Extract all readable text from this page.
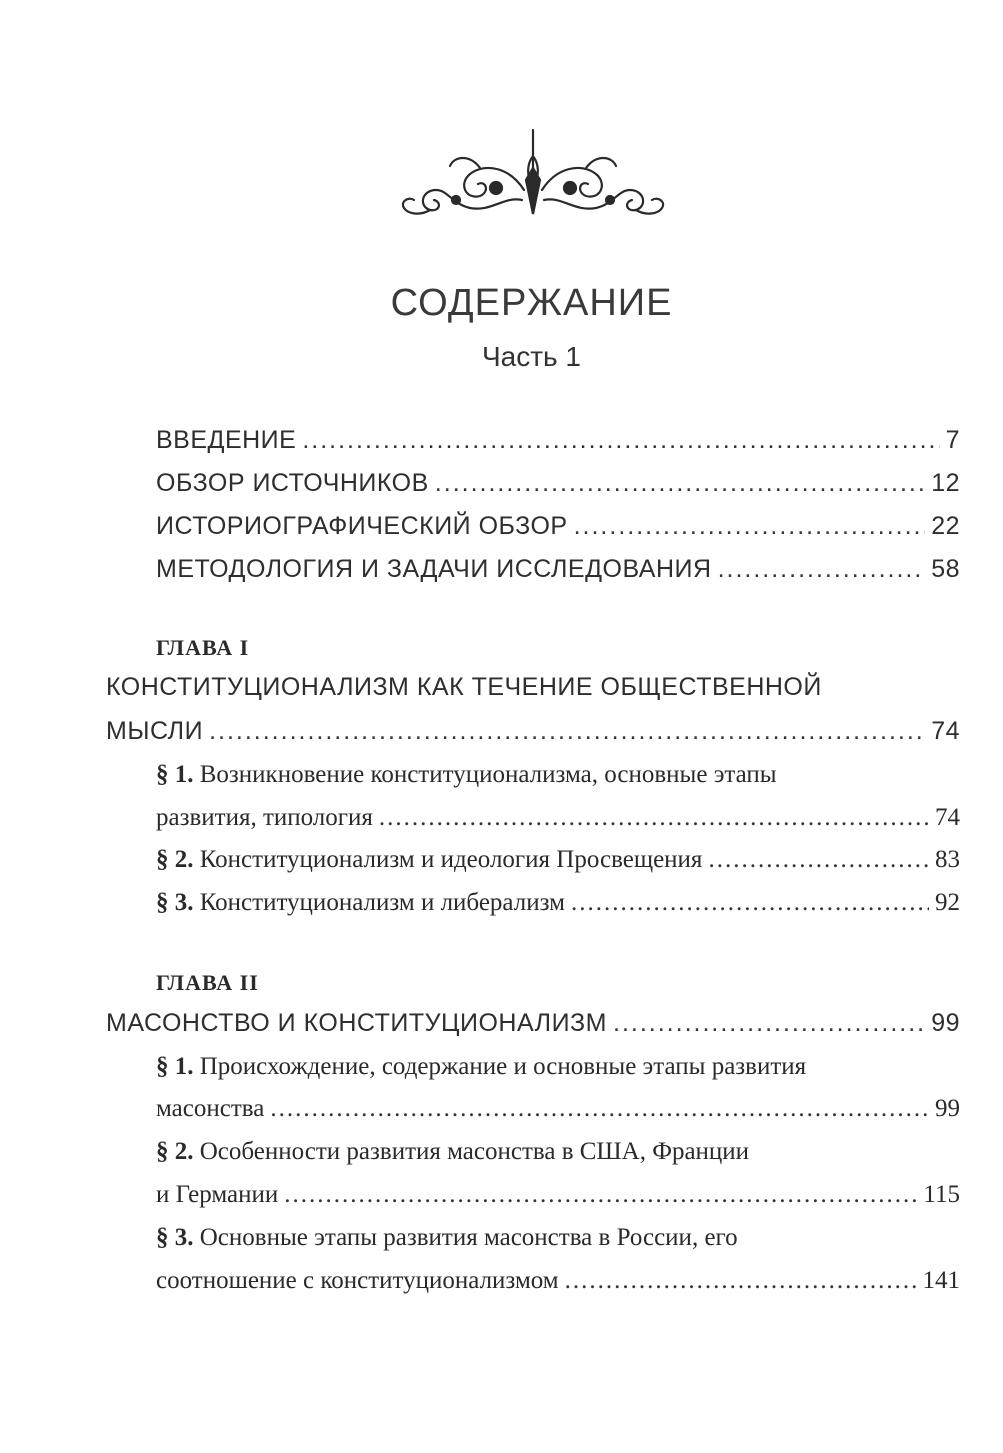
СОДЕРЖАНИЕ
Часть 1
ВВЕДЕНИЕ .....	7
ОБЗОР ИСТОЧНИКОВ .....	12
ИСТОРИОГРАФИЧЕСКИЙ ОБЗОР .....	22
МЕТОДОЛОГИЯ И ЗАДАЧИ ИССЛЕДОВАНИЯ .....	58
ГЛАВА I
КОНСТИТУЦИОНАЛИЗМ КАК ТЕЧЕНИЕ ОБЩЕСТВЕННОЙ
МЫСЛИ .....	74
§ 1. Возникновение конституционализма, основные этапы
развития, типология .....	74
§ 2. Конституционализм и идеология Просвещения .....	83
§ 3. Конституционализм и либерализм .....	92
ГЛАВА II
МАСОНСТВО И КОНСТИТУЦИОНАЛИЗМ .....	99
§ 1. Происхождение, содержание и основные этапы развития
масонства .....	99
§ 2. Особенности развития масонства в США, Франции
и Германии .....	115
§ 3. Основные этапы развития масонства в России, его
соотношение с конституционализмом .....	141
